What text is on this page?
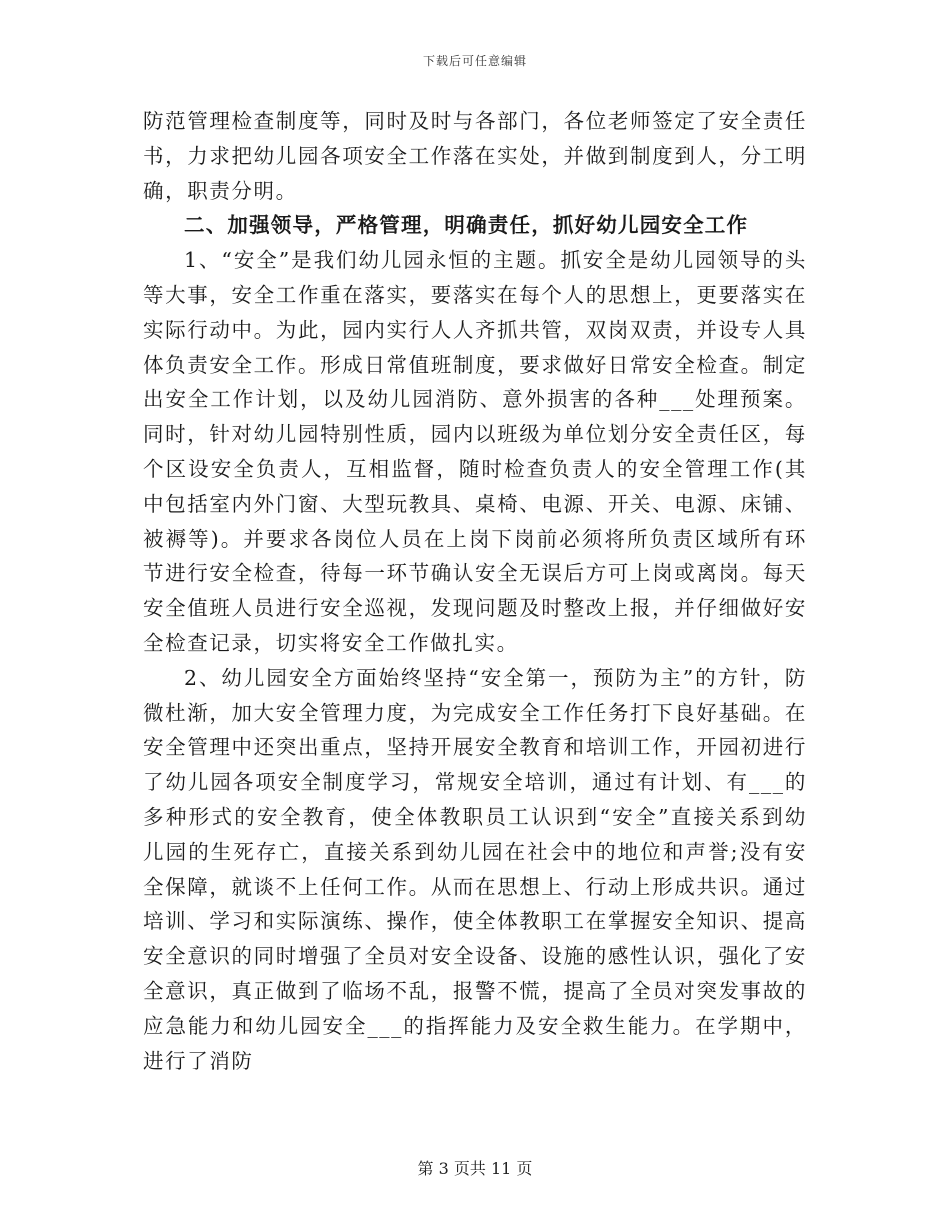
下载后可任意编辑

防范管理检查制度等，同时及时与各部门，各位老师签定了安全责任书，力求把幼儿园各项安全工作落在实处，并做到制度到人，分工明确，职责分明。

二、加强领导，严格管理，明确责任，抓好幼儿园安全工作

1、“安全”是我们幼儿园永恒的主题。抓安全是幼儿园领导的头等大事，安全工作重在落实，要落实在每个人的思想上，更要落实在实际行动中。为此，园内实行人人齐抓共管，双岗双责，并设专人具体负责安全工作。形成日常值班制度，要求做好日常安全检查。制定出安全工作计划，以及幼儿园消防、意外损害的各种___处理预案。同时，针对幼儿园特别性质，园内以班级为单位划分安全责任区，每个区设安全负责人，互相监督，随时检查负责人的安全管理工作(其中包括室内外门窗、大型玩教具、桌椅、电源、开关、电源、床铺、被褥等)。并要求各岗位人员在上岗下岗前必须将所负责区域所有环节进行安全检查，待每一环节确认安全无误后方可上岗或离岗。每天安全值班人员进行安全巡视，发现问题及时整改上报，并仔细做好安全检查记录，切实将安全工作做扎实。

2、幼儿园安全方面始终坚持“安全第一，预防为主”的方针，防微杜渐，加大安全管理力度，为完成安全工作任务打下良好基础。在安全管理中还突出重点，坚持开展安全教育和培训工作，开园初进行了幼儿园各项安全制度学习，常规安全培训，通过有计划、有___的多种形式的安全教育，使全体教职员工认识到“安全”直接关系到幼儿园的生死存亡，直接关系到幼儿园在社会中的地位和声誉;没有安全保障，就谈不上任何工作。从而在思想上、行动上形成共识。通过培训、学习和实际演练、操作，使全体教职工在掌握安全知识、提高安全意识的同时增强了全员对安全设备、设施的感性认识，强化了安全意识，真正做到了临场不乱，报警不慌，提高了全员对突发事故的应急能力和幼儿园安全___的指挥能力及安全救生能力。在学期中，进行了消防

第 3 页共 11 页
